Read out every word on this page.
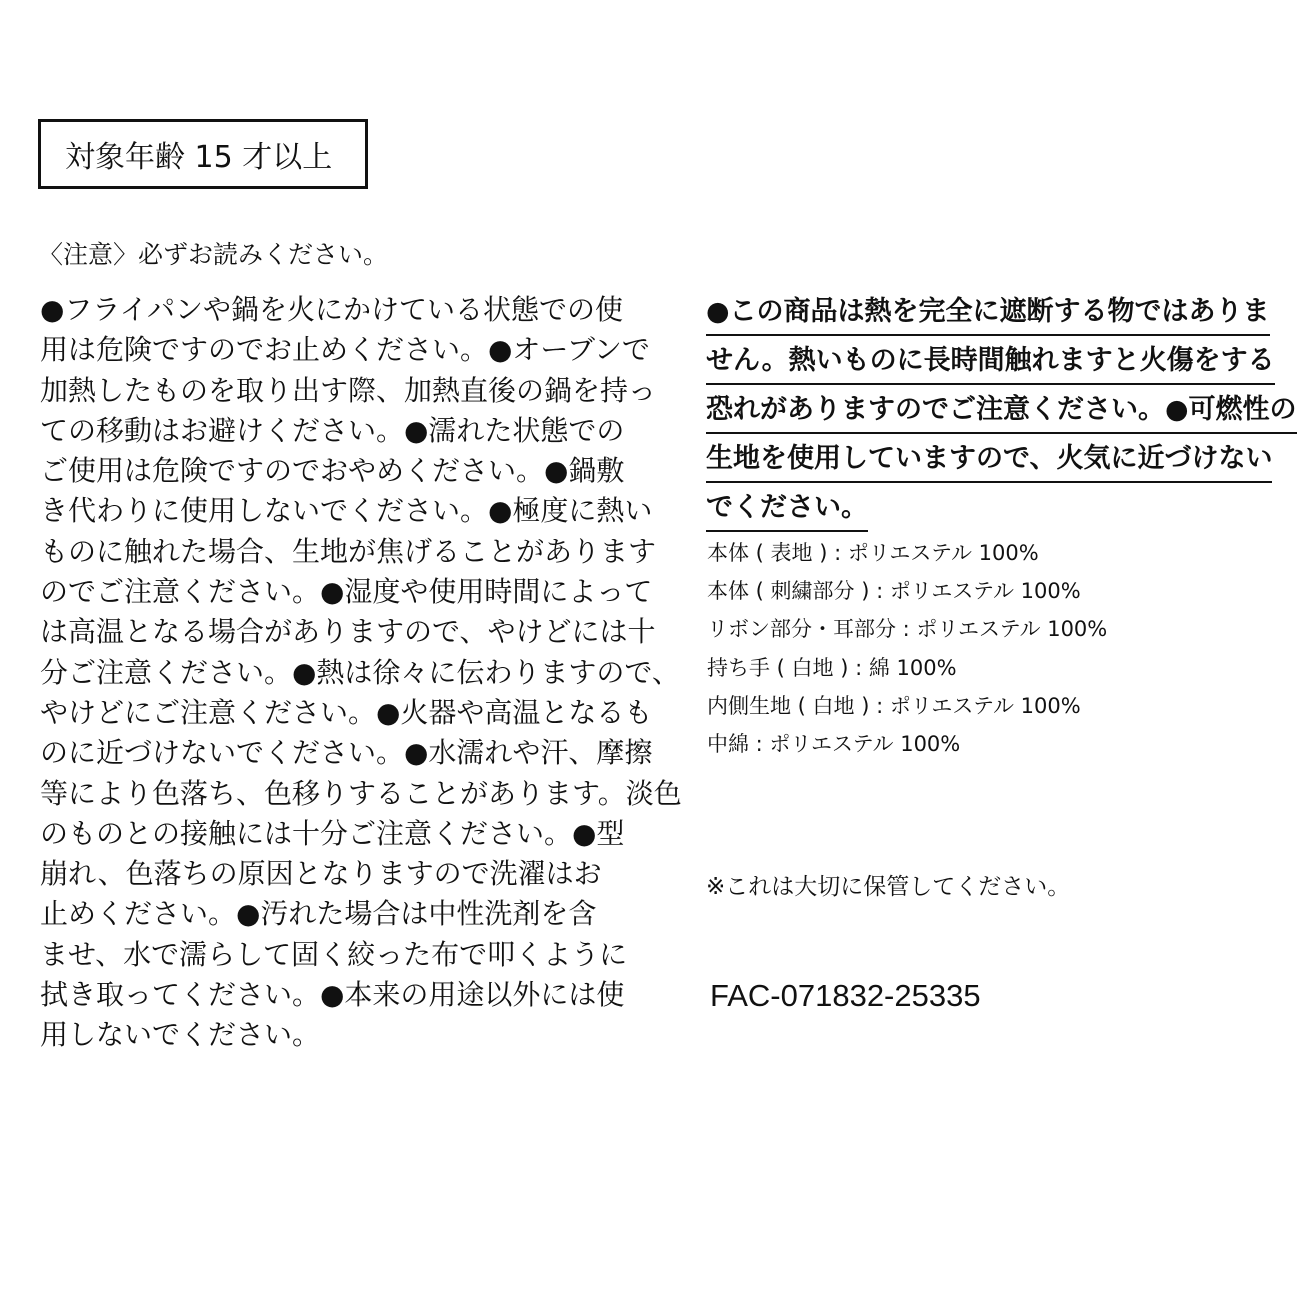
対象年齢 15 才以上
〈注意〉必ずお読みください。
●フライパンや鍋を火にかけている状態での使
用は危険ですのでお止めください。●オーブンで
加熱したものを取り出す際、加熱直後の鍋を持っ
ての移動はお避けください。●濡れた状態での
ご使用は危険ですのでおやめください。●鍋敷
き代わりに使用しないでください。●極度に熱い
ものに触れた場合、生地が焦げることがあります
のでご注意ください。●湿度や使用時間によって
は高温となる場合がありますので、やけどには十
分ご注意ください。●熱は徐々に伝わりますので、
やけどにご注意ください。●火器や高温となるも
のに近づけないでください。●水濡れや汗、摩擦
等により色落ち、色移りすることがあります。淡色
のものとの接触には十分ご注意ください。●型
崩れ、色落ちの原因となりますので洗濯はお
止めください。●汚れた場合は中性洗剤を含
ませ、水で濡らして固く絞った布で叩くように
拭き取ってください。●本来の用途以外には使
用しないでください。
●この商品は熱を完全に遮断する物ではありま
せん。熱いものに長時間触れますと火傷をする
恐れがありますのでご注意ください。●可燃性の
生地を使用していますので、火気に近づけない
でください。
本体 ( 表地 ) : ポリエステル 100%
本体 ( 刺繍部分 ) : ポリエステル 100%
リボン部分・耳部分 : ポリエステル 100%
持ち手 ( 白地 ) : 綿 100%
内側生地 ( 白地 ) : ポリエステル 100%
中綿 : ポリエステル 100%
※これは大切に保管してください。
FAC-071832-25335
